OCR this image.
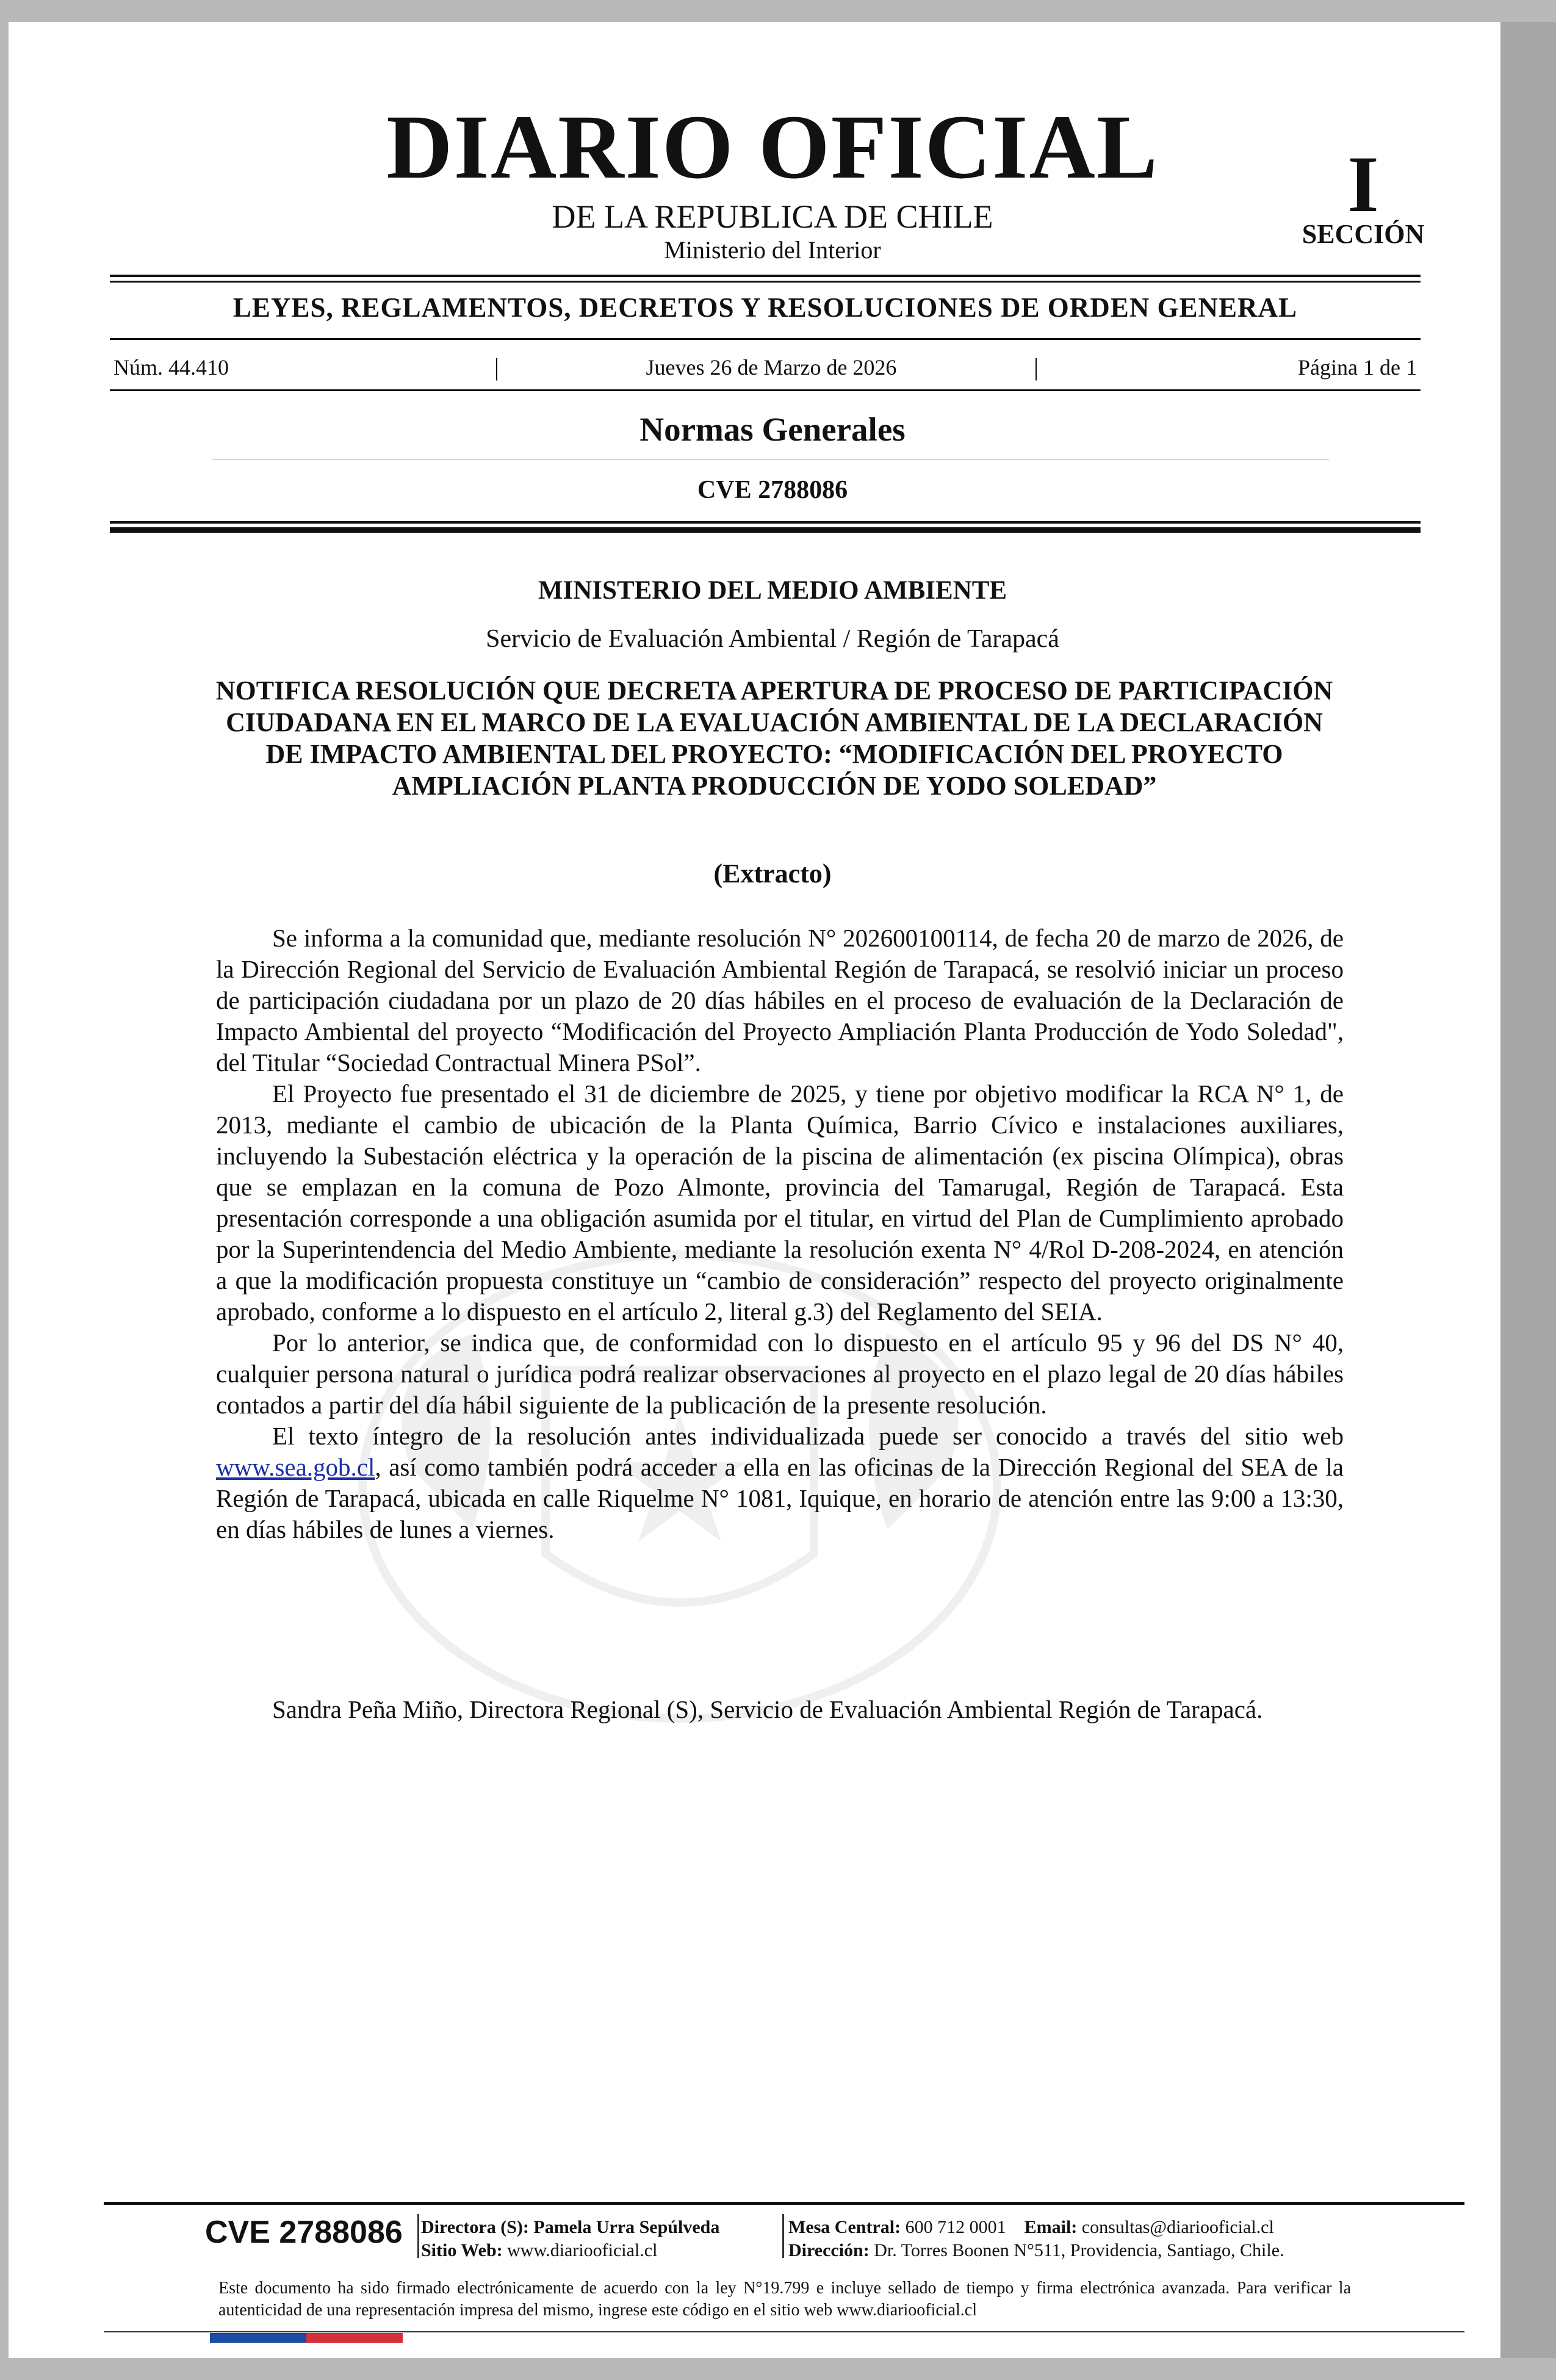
DIARIO OFICIAL
DE LA REPUBLICA DE CHILE
Ministerio del Interior
I
SECCIÓN
LEYES, REGLAMENTOS, DECRETOS Y RESOLUCIONES DE ORDEN GENERAL
Núm. 44.410	|	Jueves 26 de Marzo de 2026	|	Página 1 de 1
Normas Generales
CVE 2788086
MINISTERIO DEL MEDIO AMBIENTE
Servicio de Evaluación Ambiental / Región de Tarapacá
NOTIFICA RESOLUCIÓN QUE DECRETA APERTURA DE PROCESO DE PARTICIPACIÓN CIUDADANA EN EL MARCO DE LA EVALUACIÓN AMBIENTAL DE LA DECLARACIÓN DE IMPACTO AMBIENTAL DEL PROYECTO: “MODIFICACIÓN DEL PROYECTO AMPLIACIÓN PLANTA PRODUCCIÓN DE YODO SOLEDAD”
(Extracto)

Se informa a la comunidad que, mediante resolución N° 202600100114, de fecha 20 de marzo de 2026, de la Dirección Regional del Servicio de Evaluación Ambiental Región de Tarapacá, se resolvió iniciar un proceso de participación ciudadana por un plazo de 20 días hábiles en el proceso de evaluación de la Declaración de Impacto Ambiental del proyecto “Modificación del Proyecto Ampliación Planta Producción de Yodo Soledad", del Titular “Sociedad Contractual Minera PSol”.

El Proyecto fue presentado el 31 de diciembre de 2025, y tiene por objetivo modificar la RCA N° 1, de 2013, mediante el cambio de ubicación de la Planta Química, Barrio Cívico e instalaciones auxiliares, incluyendo la Subestación eléctrica y la operación de la piscina de alimentación (ex piscina Olímpica), obras que se emplazan en la comuna de Pozo Almonte, provincia del Tamarugal, Región de Tarapacá. Esta presentación corresponde a una obligación asumida por el titular, en virtud del Plan de Cumplimiento aprobado por la Superintendencia del Medio Ambiente, mediante la resolución exenta N° 4/Rol D-208-2024, en atención a que la modificación propuesta constituye un “cambio de consideración” respecto del proyecto originalmente aprobado, conforme a lo dispuesto en el artículo 2, literal g.3) del Reglamento del SEIA.

Por lo anterior, se indica que, de conformidad con lo dispuesto en el artículo 95 y 96 del DS N° 40, cualquier persona natural o jurídica podrá realizar observaciones al proyecto en el plazo legal de 20 días hábiles contados a partir del día hábil siguiente de la publicación de la presente resolución.

El texto íntegro de la resolución antes individualizada puede ser conocido a través del sitio web www.sea.gob.cl, así como también podrá acceder a ella en las oficinas de la Dirección Regional del SEA de la Región de Tarapacá, ubicada en calle Riquelme N° 1081, Iquique, en horario de atención entre las 9:00 a 13:30, en días hábiles de lunes a viernes.

Sandra Peña Miño, Directora Regional (S), Servicio de Evaluación Ambiental Región de Tarapacá.
CVE 2788086 Directora (S): Pamela Urra Sepúlveda
Sitio Web: www.diariooficial.cl
Mesa Central: 600 712 0001 Email: consultas@diariooficial.cl
Dirección: Dr. Torres Boonen N°511, Providencia, Santiago, Chile.
Este documento ha sido firmado electrónicamente de acuerdo con la ley N°19.799 e incluye sellado de tiempo y firma electrónica avanzada. Para verificar la autenticidad de una representación impresa del mismo, ingrese este código en el sitio web www.diariooficial.cl
